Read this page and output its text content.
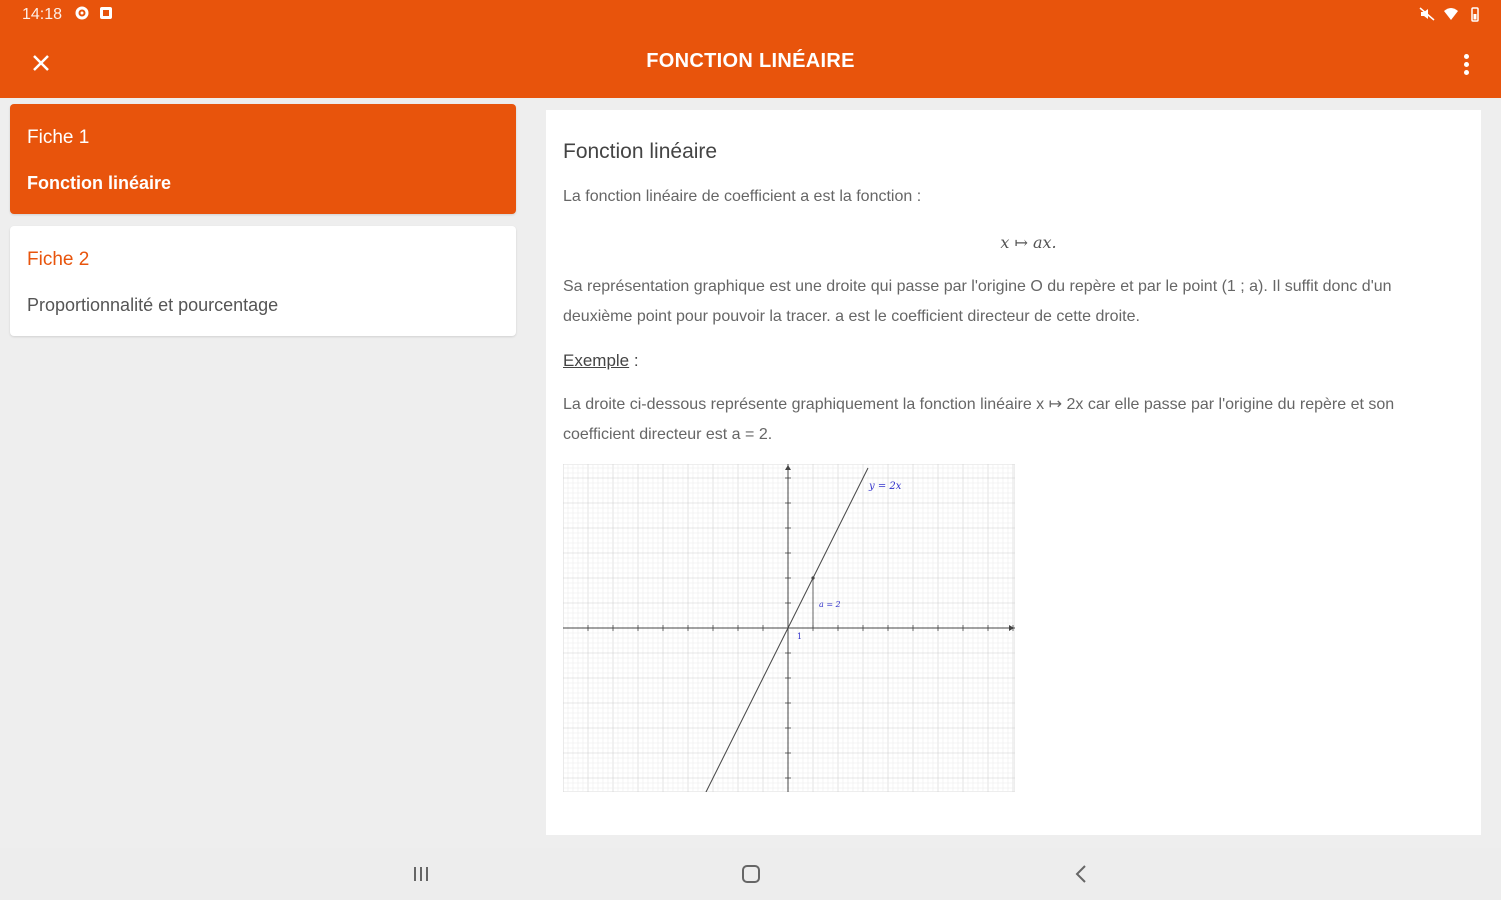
14:18
FONCTION LINÉAIRE
Fiche 1
Fonction linéaire
Fiche 2
Proportionnalité et pourcentage
Fonction linéaire

La fonction linéaire de coefficient a est la fonction :

x ↦ ax.

Sa représentation graphique est une droite qui passe par l'origine O du repère et par le point (1 ; a). Il suffit donc d'un deuxième point pour pouvoir la tracer. a est le coefficient directeur de cette droite.

Exemple :

La droite ci-dessous représente graphiquement la fonction linéaire x ↦ 2x car elle passe par l'origine du repère et son coefficient directeur est a = 2.

y = 2x
a = 2
1
